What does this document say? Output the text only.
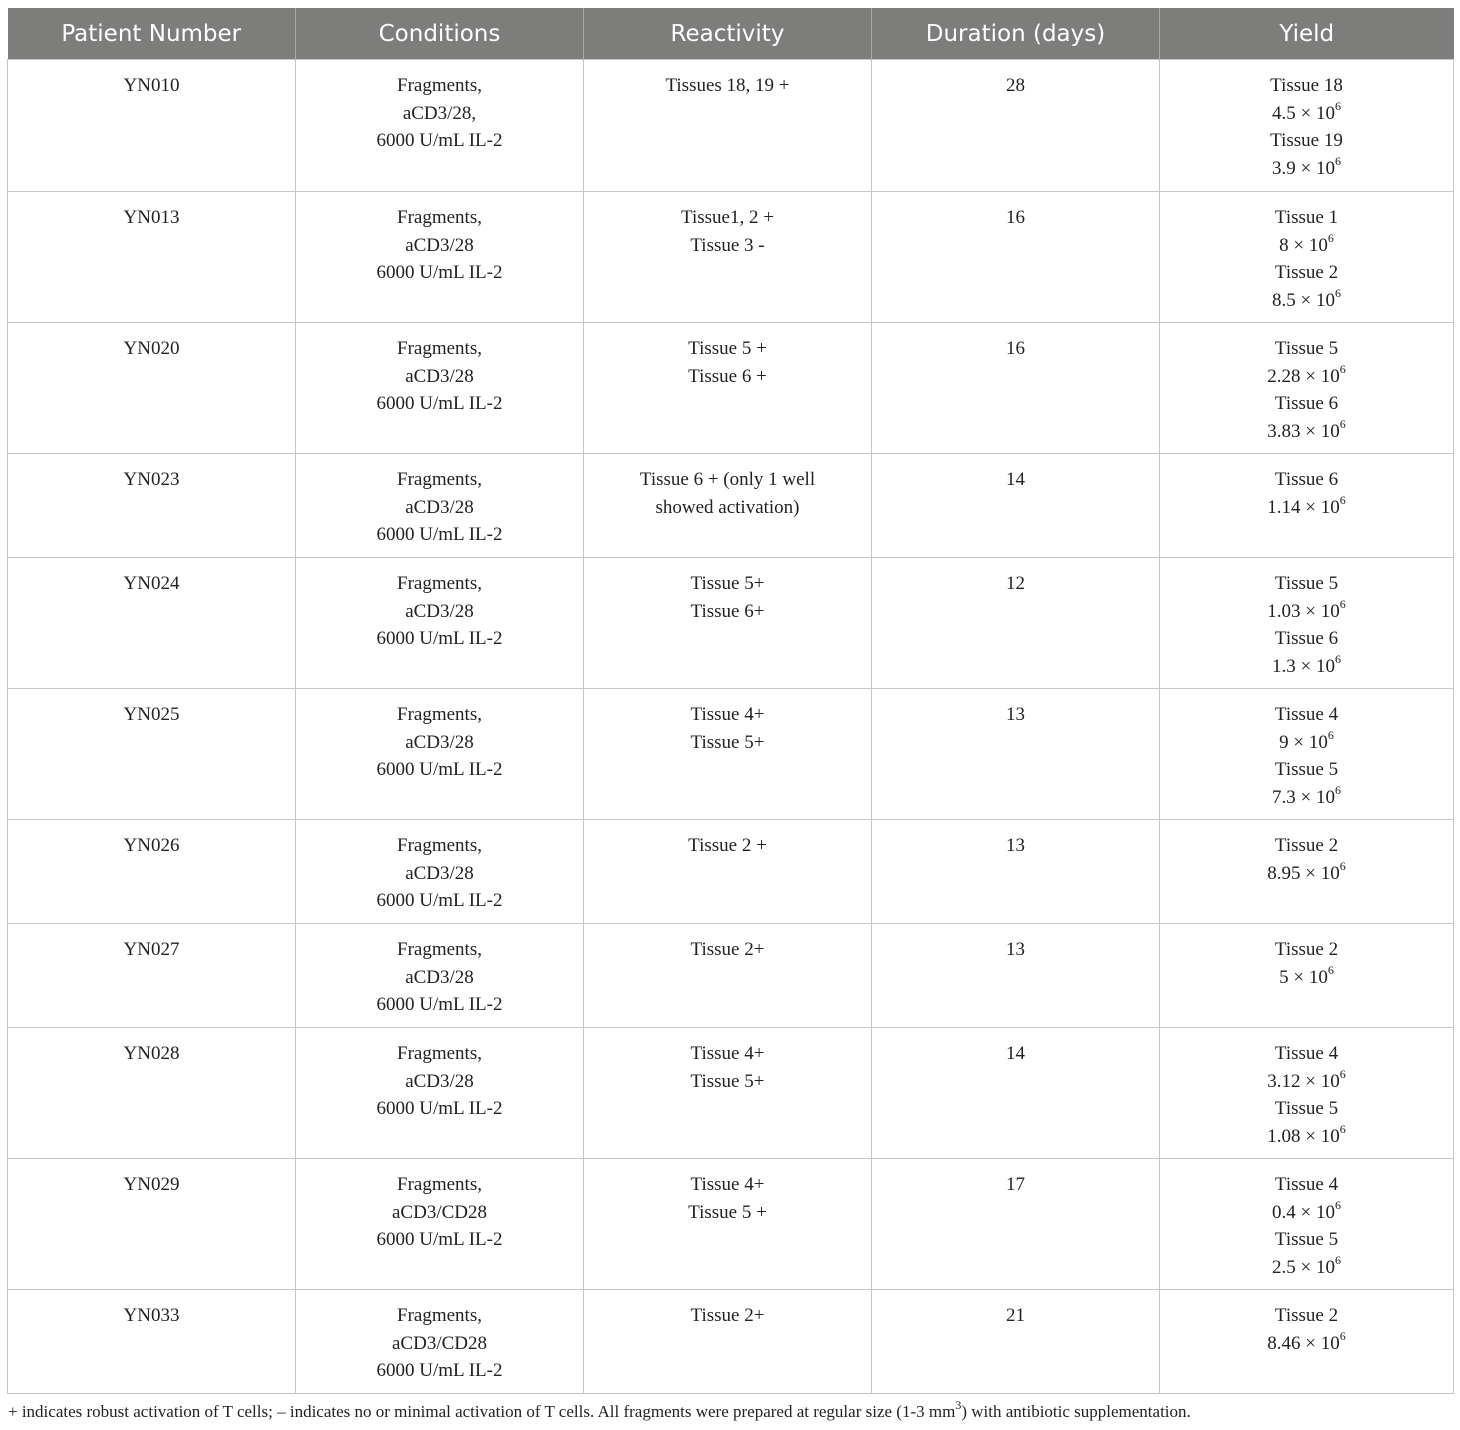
Patient Number	Conditions	Reactivity	Duration (days)	Yield
YN010	Fragments,
aCD3/28,
6000 U/mL IL-2	Tissues 18, 19 +	28	Tissue 18
$4.5 \times 10^6$
Tissue 19
$3.9 \times 10^6$

YN013	Fragments,
aCD3/28
6000 U/mL IL-2	Tissue1, 2 +
Tissue 3 -	16	Tissue 1
$8 \times 10^6$
Tissue 2
$8.5 \times 10^6$

YN020	Fragments,
aCD3/28
6000 U/mL IL-2	Tissue 5 +
Tissue 6 +	16	Tissue 5
$2.28 \times 10^6$
Tissue 6
$3.83 \times 10^6$

YN023	Fragments,
aCD3/28
6000 U/mL IL-2	Tissue 6 + (only 1 well
showed activation)	14	Tissue 6
$1.14 \times 10^6$

YN024	Fragments,
aCD3/28
6000 U/mL IL-2	Tissue 5+
Tissue 6+	12	Tissue 5
$1.03 \times 10^6$
Tissue 6
$1.3 \times 10^6$

YN025	Fragments,
aCD3/28
6000 U/mL IL-2	Tissue 4+
Tissue 5+	13	Tissue 4
$9 \times 10^6$
Tissue 5
$7.3 \times 10^6$

YN026	Fragments,
aCD3/28
6000 U/mL IL-2	Tissue 2 +	13	Tissue 2
$8.95 \times 10^6$

YN027	Fragments,
aCD3/28
6000 U/mL IL-2	Tissue 2+	13	Tissue 2
$5 \times 10^6$

YN028	Fragments,
aCD3/28
6000 U/mL IL-2	Tissue 4+
Tissue 5+	14	Tissue 4
$3.12 \times 10^6$
Tissue 5
$1.08 \times 10^6$

YN029	Fragments,
aCD3/CD28
6000 U/mL IL-2	Tissue 4+
Tissue 5 +	17	Tissue 4
$0.4 \times 10^6$
Tissue 5
$2.5 \times 10^6$

YN033	Fragments,
aCD3/CD28
6000 U/mL IL-2	Tissue 2+	21	Tissue 2
$8.46 \times 10^6$
+ indicates robust activation of T cells; – indicates no or minimal activation of T cells. All fragments were prepared at regular size (1-3 $mm^3$) with antibiotic supplementation.
